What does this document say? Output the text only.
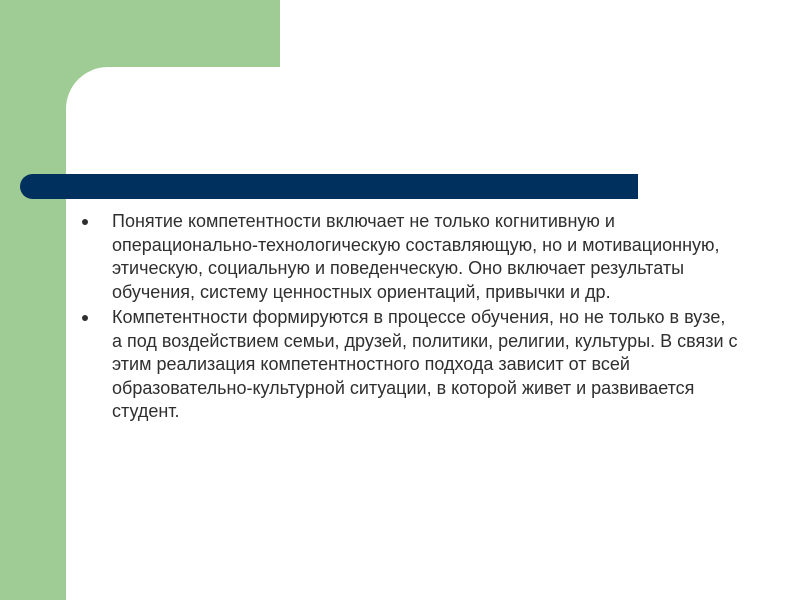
Понятие компетентности включает не только когнитивную и операционально-технологическую составляющую, но и мотивационную, этическую, социальную и поведенческую. Оно включает результаты обучения, систему ценностных ориентаций, привычки и др.
Компетентности формируются в процессе обучения, но не только в вузе, а под воздействием семьи, друзей, политики, религии, культуры. В связи с этим реализация компетентностного подхода зависит от всей образовательно-культурной ситуации, в которой живет и развивается студент.
